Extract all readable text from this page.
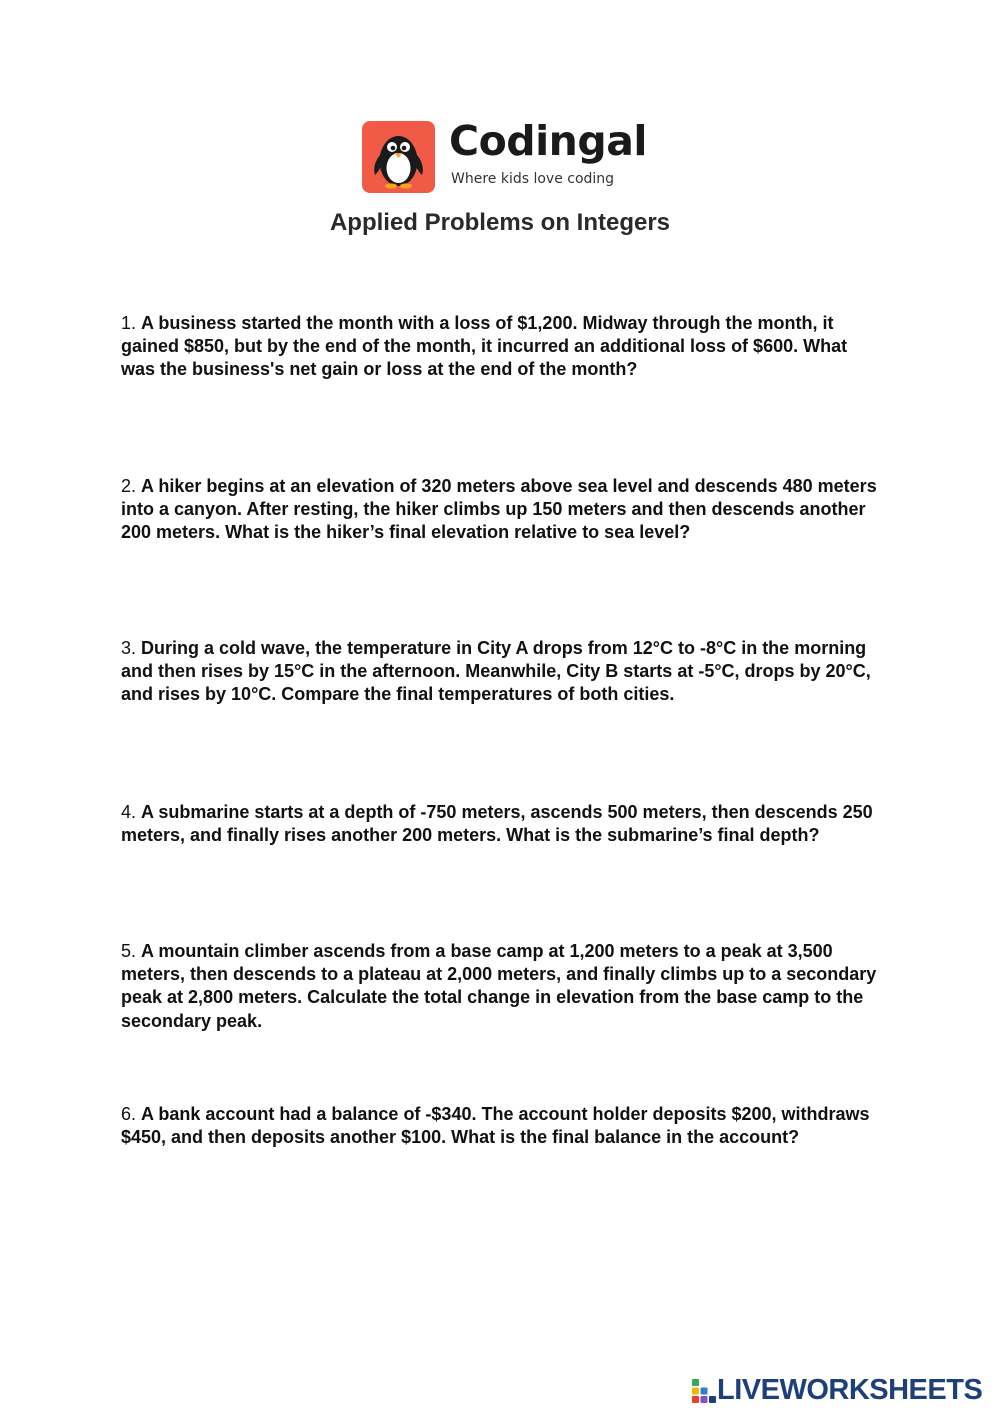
Codingal
Where kids love coding
Applied Problems on Integers

1. A business started the month with a loss of $1,200. Midway through the month, it gained $850, but by the end of the month, it incurred an additional loss of $600. What was the business's net gain or loss at the end of the month?

2. A hiker begins at an elevation of 320 meters above sea level and descends 480 meters into a canyon. After resting, the hiker climbs up 150 meters and then descends another 200 meters. What is the hiker’s final elevation relative to sea level?

3. During a cold wave, the temperature in City A drops from 12°C to -8°C in the morning and then rises by 15°C in the afternoon. Meanwhile, City B starts at -5°C, drops by 20°C, and rises by 10°C. Compare the final temperatures of both cities.

4. A submarine starts at a depth of -750 meters, ascends 500 meters, then descends 250 meters, and finally rises another 200 meters. What is the submarine’s final depth?

5. A mountain climber ascends from a base camp at 1,200 meters to a peak at 3,500 meters, then descends to a plateau at 2,000 meters, and finally climbs up to a secondary peak at 2,800 meters. Calculate the total change in elevation from the base camp to the secondary peak.

6. A bank account had a balance of -$340. The account holder deposits $200, withdraws $450, and then deposits another $100. What is the final balance in the account?

LIVEWORKSHEETS
